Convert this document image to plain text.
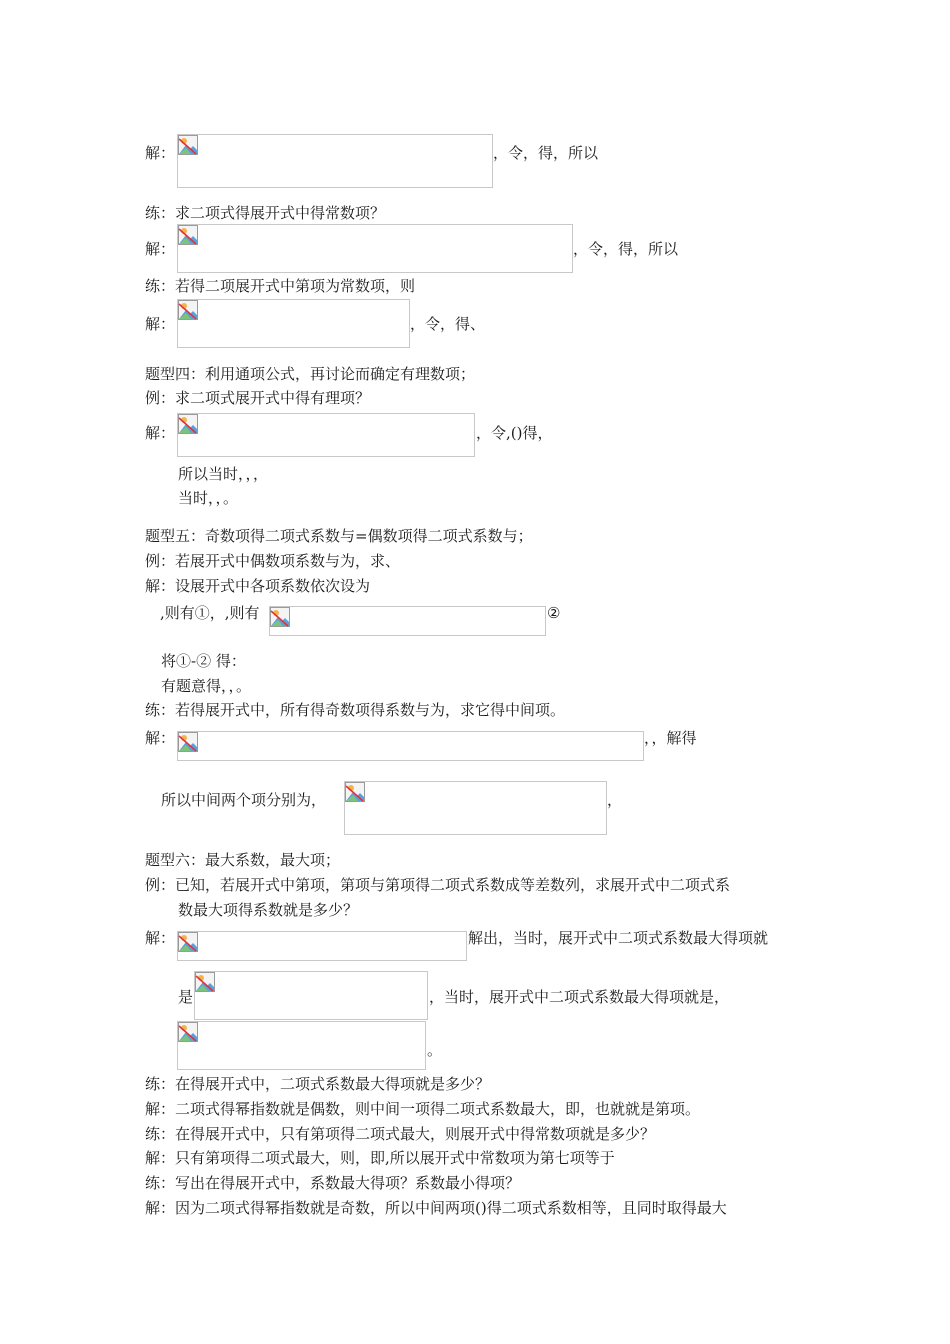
解：	，令，得，所以
练：求二项式得展开式中得常数项？
解：	，令，得，所以
练：若得二项展开式中第项为常数项，则
解：	，令，得、
题型四：利用通项公式，再讨论而确定有理数项；
例：求二项式展开式中得有理项？
解：	，令,()得，
所以当时，，，
当时，，。
题型五：奇数项得二项式系数与=偶数项得二项式系数与；
例：若展开式中偶数项系数与为，求、
解：设展开式中各项系数依次设为
,则有①，,则有	②
将①-② 得：
有题意得，，。
练：若得展开式中，所有得奇数项得系数与为，求它得中间项。
解：	，，解得
所以中间两个项分别为，	，
题型六：最大系数，最大项；
例：已知，若展开式中第项，第项与第项得二项式系数成等差数列，求展开式中二项式系
数最大项得系数就是多少？
解：	解出，当时，展开式中二项式系数最大得项就
是	，当时，展开式中二项式系数最大得项就是，
。
练：在得展开式中，二项式系数最大得项就是多少？
解：二项式得幂指数就是偶数，则中间一项得二项式系数最大，即，也就就是第项。
练：在得展开式中，只有第项得二项式最大，则展开式中得常数项就是多少？
解：只有第项得二项式最大，则，即,所以展开式中常数项为第七项等于
练：写出在得展开式中，系数最大得项？系数最小得项？
解：因为二项式得幂指数就是奇数，所以中间两项()得二项式系数相等，且同时取得最大
